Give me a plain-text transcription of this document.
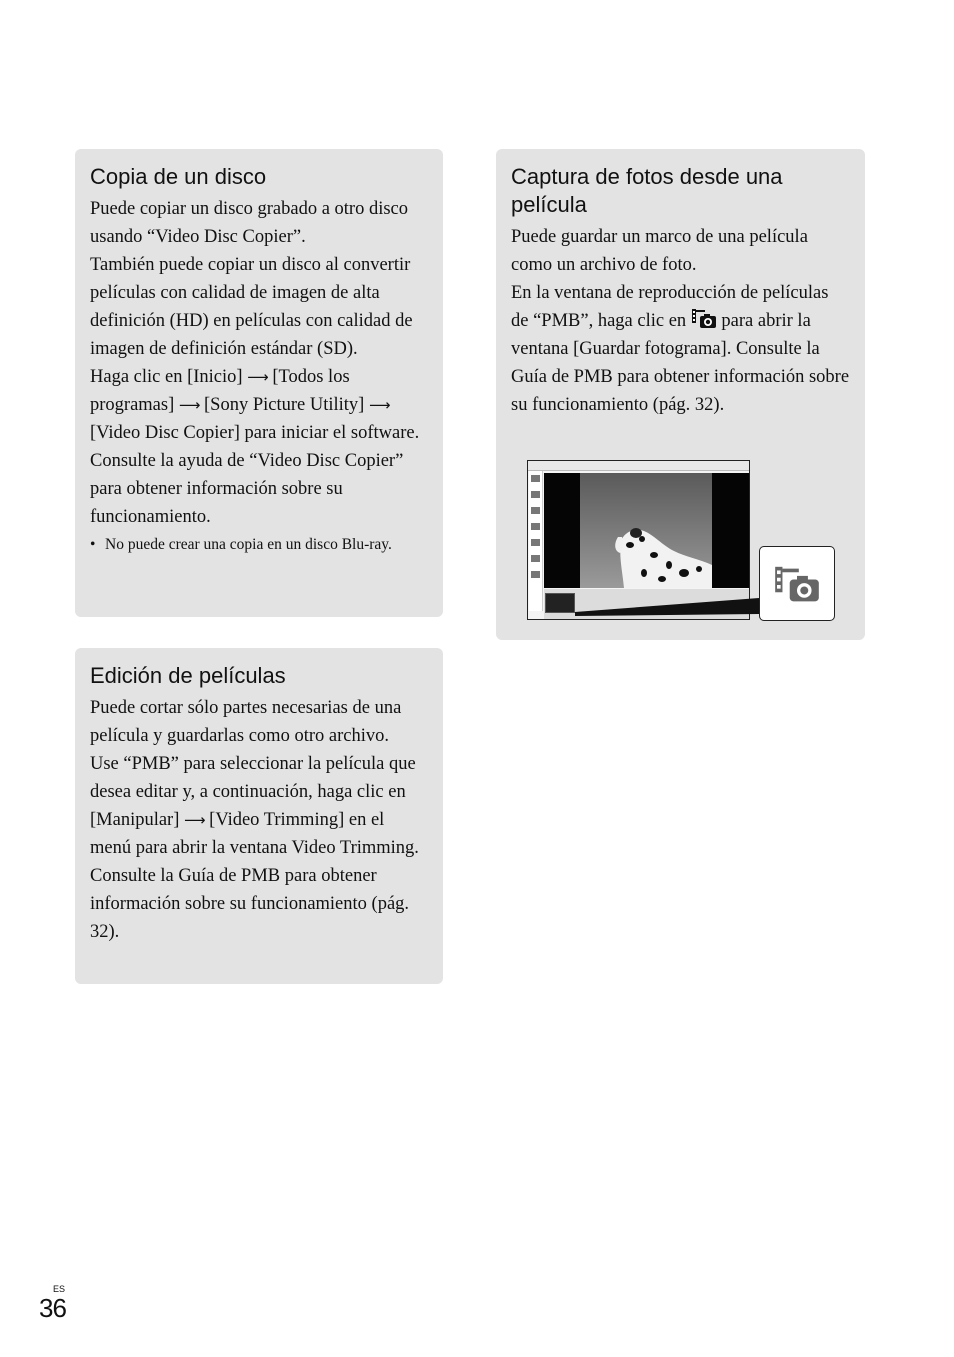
Copia de un disco

Puede copiar un disco grabado a otro disco usando “Video Disc Copier”.

También puede copiar un disco al convertir películas con calidad de imagen de alta definición (HD) en películas con calidad de imagen de definición estándar (SD).

Haga clic en [Inicio] ⟶ [Todos los programas] ⟶ [Sony Picture Utility] ⟶ [Video Disc Copier] para iniciar el software. Consulte la ayuda de “Video Disc Copier” para obtener información sobre su funcionamiento.

• No puede crear una copia en un disco Blu-ray.
Edición de películas

Puede cortar sólo partes necesarias de una película y guardarlas como otro archivo.

Use “PMB” para seleccionar la película que desea editar y, a continuación, haga clic en [Manipular] ⟶ [Video Trimming] en el menú para abrir la ventana Video Trimming. Consulte la Guía de PMB para obtener información sobre su funcionamiento (pág. 32).

Captura de fotos desde una película

Puede guardar un marco de una película como un archivo de foto.

En la ventana de reproducción de películas de “PMB”, haga clic en para abrir la ventana [Guardar fotograma]. Consulte la Guía de PMB para obtener información sobre su funcionamiento (pág. 32).

ES
36
